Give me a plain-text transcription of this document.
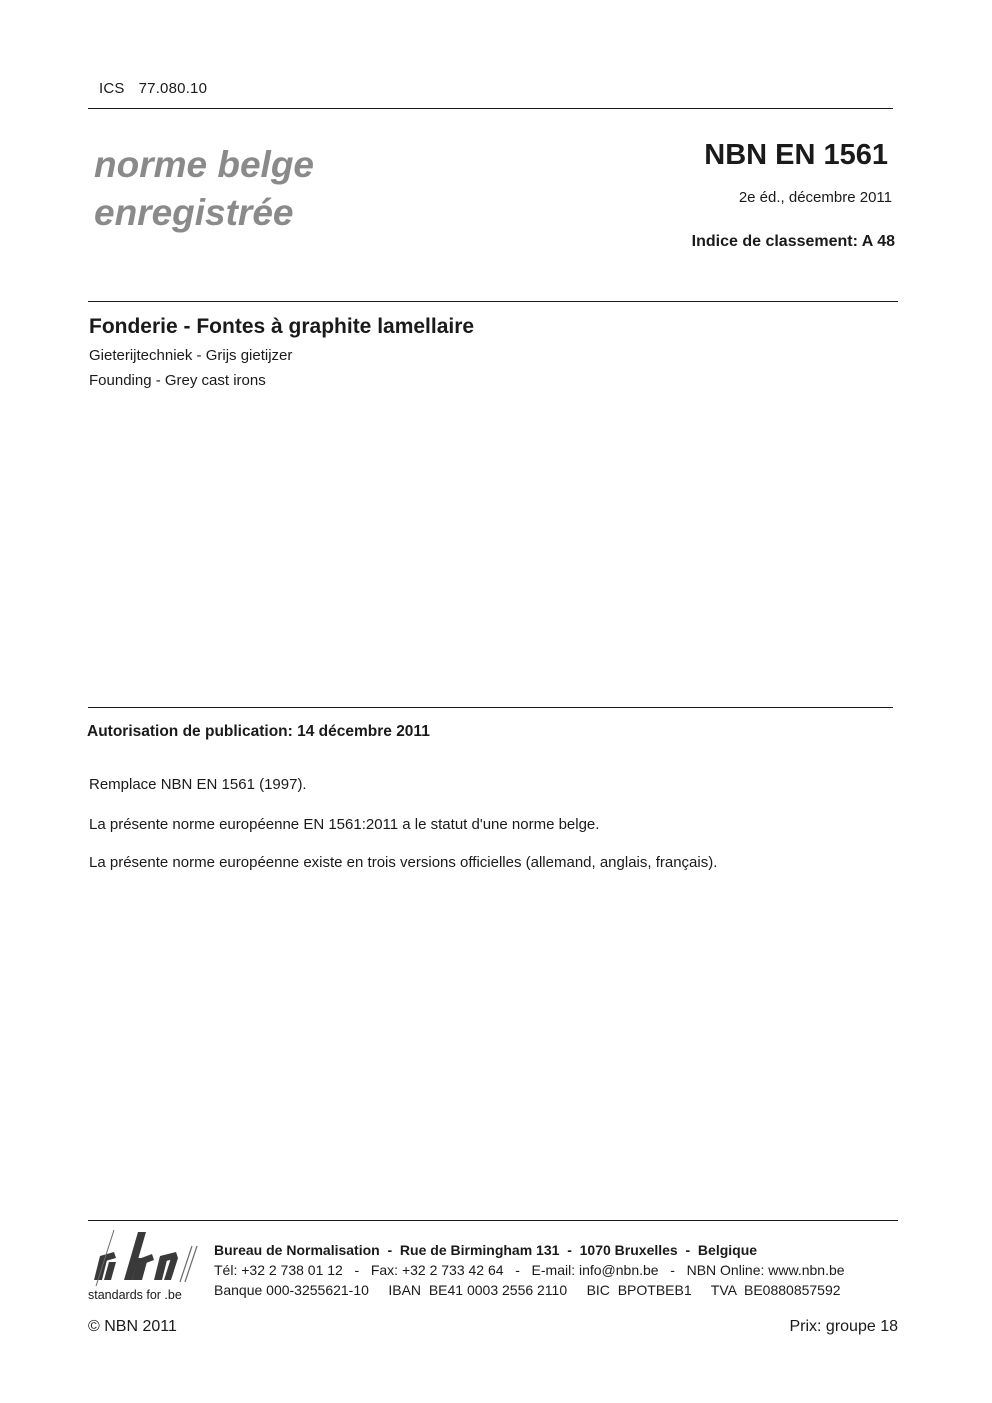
ICS 77.080.10
norme belge
enregistrée
NBN EN 1561
2e éd., décembre 2011
Indice de classement: A 48
Fonderie - Fontes à graphite lamellaire
Gieterijtechniek - Grijs gietijzer
Founding - Grey cast irons
Autorisation de publication: 14 décembre 2011
Remplace NBN EN 1561 (1997).
La présente norme européenne EN 1561:2011 a le statut d'une norme belge.
La présente norme européenne existe en trois versions officielles (allemand, anglais, français).
standards for .be
Bureau de Normalisation  -  Rue de Birmingham 131  -  1070 Bruxelles  -  Belgique
Tél: +32 2 738 01 12   -   Fax: +32 2 733 42 64   -   E-mail: info@nbn.be   -   NBN Online: www.nbn.be
Banque 000-3255621-10     IBAN  BE41 0003 2556 2110     BIC  BPOTBEB1     TVA  BE0880857592
© NBN 2011	Prix: groupe 18
